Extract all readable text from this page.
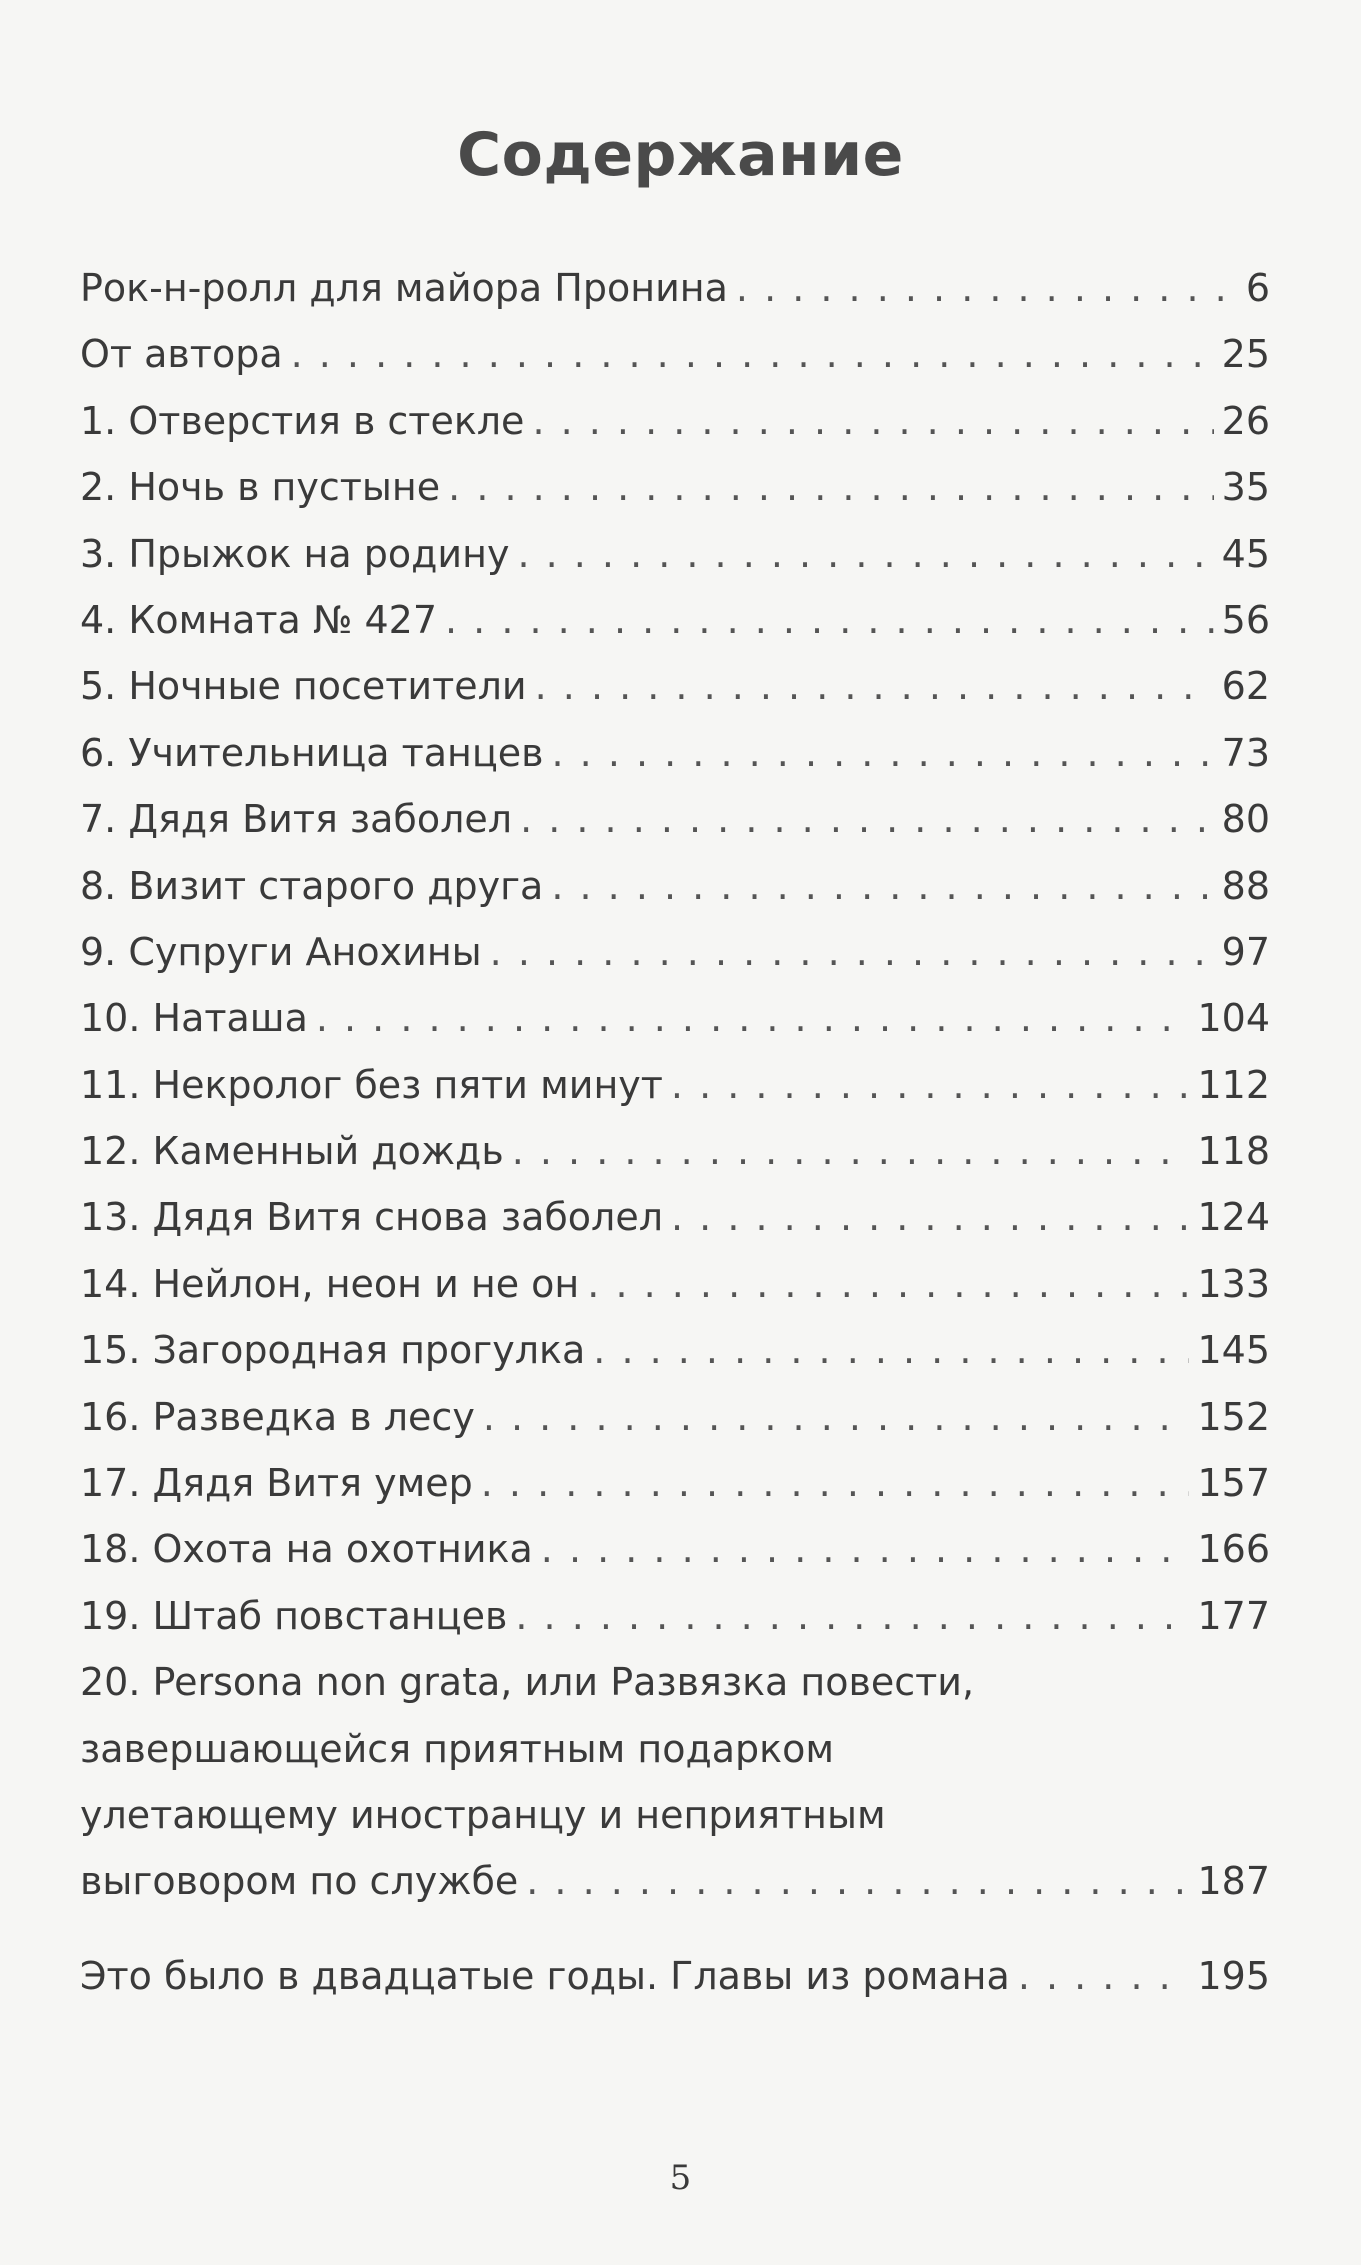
Содержание
Рок-н-ролл для майора Пронина . . .	6
От автора . . .	25
1. Отверстия в стекле . . .	26
2. Ночь в пустыне . . .	35
3. Прыжок на родину . . .	45
4. Комната № 427 . . .	56
5. Ночные посетители . . .	62
6. Учительница танцев . . .	73
7. Дядя Витя заболел . . .	80
8. Визит старого друга . . .	88
9. Супруги Анохины . . .	97
10. Наташа . . .	104
11. Некролог без пяти минут . . .	112
12. Каменный дождь . . .	118
13. Дядя Витя снова заболел . . .	124
14. Нейлон, неон и не он . . .	133
15. Загородная прогулка . . .	145
16. Разведка в лесу . . .	152
17. Дядя Витя умер . . .	157
18. Охота на охотника . . .	166
19. Штаб повстанцев . . .	177
20. Persona non grata, или Развязка повести,
завершающейся приятным подарком
улетающему иностранцу и неприятным
выговором по службе . . .	187
Это было в двадцатые годы. Главы из романа . . .	195
5
